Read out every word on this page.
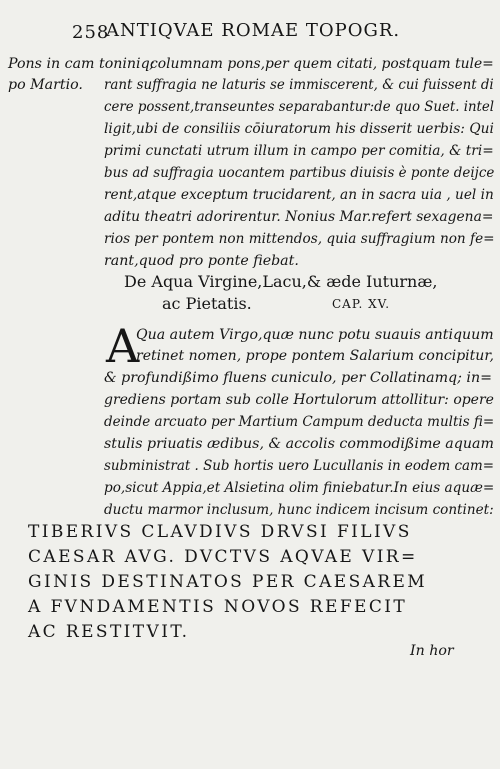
258
ANTIQVAE ROMAE TOPOGR.
Pons in cam toniniq;
po Martio.
columnam pons,per quem citati, postquam tule=
rant suffragia ne laturis se immiscerent, & cui fuissent di
cere possent,transeuntes separabantur:de quo Suet. intel
ligit,ubi de consiliis cōiuratorum his disserit uerbis: Qui
primi cunctati utrum illum in campo per comitia, & tri=
bus ad suffragia uocantem partibus diuisis è ponte deijce
rent,atque exceptum trucidarent, an in sacra uia , uel in
aditu theatri adorirentur. Nonius Mar.refert sexagena=
rios per pontem non mittendos, quia suffragium non fe=
rant,quod pro ponte fiebat.
De Aqua Virgine,Lacu,& æde Iuturnæ,
ac Pietatis.	CAP. XV.
A
Qua autem Virgo,quæ nunc potu suauis antiquum
retinet nomen, prope pontem Salarium concipitur,
& profundißimo fluens cuniculo, per Collatinamq; in=
grediens portam sub colle Hortulorum attollitur: opere
deinde arcuato per Martium Campum deducta multis fi=
stulis priuatis ædibus, & accolis commodißime aquam
subministrat . Sub hortis uero Lucullanis in eodem cam=
po,sicut Appia,et Alsietina olim finiebatur.In eius aquæ=
ductu marmor inclusum, hunc indicem incisum continet:
TIBERIVS CLAVDIVS DRVSI FILIVS
CAESAR AVG. DVCTVS AQVAE VIR=
GINIS DESTINATOS PER CAESAREM
A FVNDAMENTIS NOVOS REFECIT
AC RESTITVIT.
In hor
